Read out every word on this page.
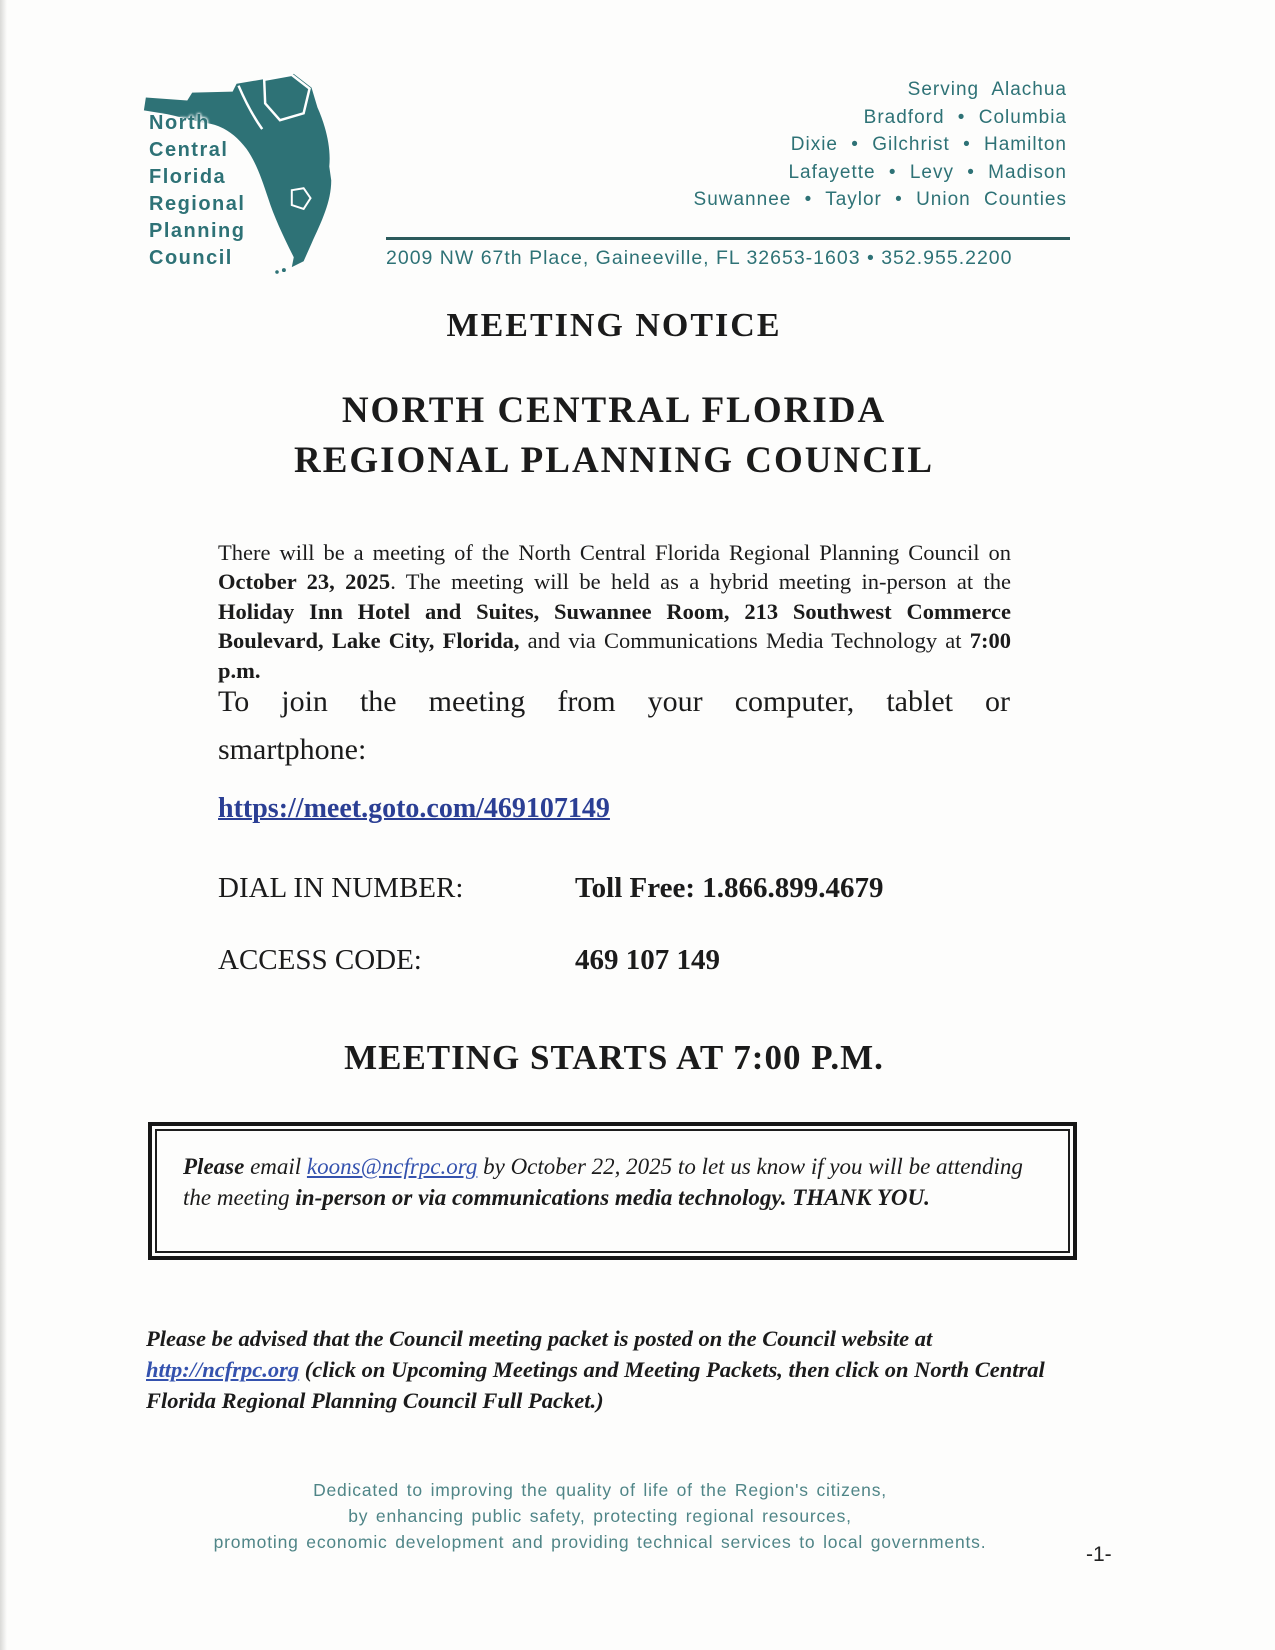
North
Central
Florida
Regional
Planning
Council
Serving Alachua
Bradford • Columbia
Dixie • Gilchrist • Hamilton
Lafayette • Levy • Madison
Suwannee • Taylor • Union Counties
2009 NW 67th Place, Gaineeville, FL 32653-1603 • 352.955.2200
MEETING NOTICE
NORTH CENTRAL FLORIDA
REGIONAL PLANNING COUNCIL

There will be a meeting of the North Central Florida Regional Planning Council on October 23, 2025. The meeting will be held as a hybrid meeting in-person at the Holiday Inn Hotel and Suites, Suwannee Room, 213 Southwest Commerce Boulevard, Lake City, Florida, and via Communications Media Technology at 7:00 p.m.

To join the meeting from your computer, tablet or
smartphone:
https://meet.goto.com/469107149
DIAL IN NUMBER:	Toll Free: 1.866.899.4679
ACCESS CODE:	469 107 149
MEETING STARTS AT 7:00 P.M.
Please email koons@ncfrpc.org by October 22, 2025 to let us know if you will be attending the meeting in-person or via communications media technology. THANK YOU.

Please be advised that the Council meeting packet is posted on the Council website at http://ncfrpc.org (click on Upcoming Meetings and Meeting Packets, then click on North Central Florida Regional Planning Council Full Packet.)

Dedicated to improving the quality of life of the Region's citizens,
by enhancing public safety, protecting regional resources,
promoting economic development and providing technical services to local governments.
-1-
